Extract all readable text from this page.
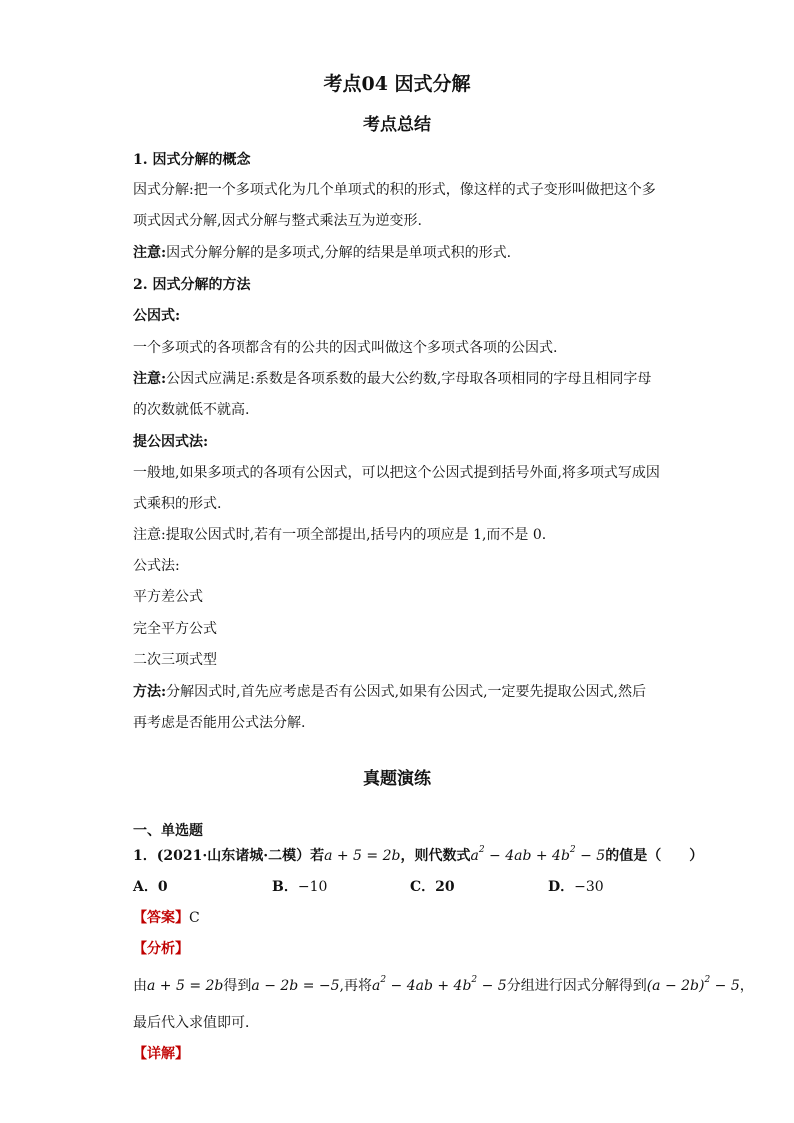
考点04 因式分解
考点总结
1. 因式分解的概念
因式分解:把一个多项式化为几个单项式的积的形式，像这样的式子变形叫做把这个多
项式因式分解,因式分解与整式乘法互为逆变形.
注意:因式分解分解的是多项式,分解的结果是单项式积的形式.
2. 因式分解的方法
公因式:
一个多项式的各项都含有的公共的因式叫做这个多项式各项的公因式.
注意:公因式应满足:系数是各项系数的最大公约数,字母取各项相同的字母且相同字母
的次数就低不就高.
提公因式法:
一般地,如果多项式的各项有公因式，可以把这个公因式提到括号外面,将多项式写成因
式乘积的形式.
注意:提取公因式时,若有一项全部提出,括号内的项应是 1,而不是 0.
公式法:
平方差公式
完全平方公式
二次三项式型
方法:分解因式时,首先应考虑是否有公因式,如果有公因式,一定要先提取公因式,然后
再考虑是否能用公式法分解.
真题演练
一、单选题
1．(2021·山东诸城·二模）若a + 5 = 2b，则代数式$a^2 - 4ab + 4b^2 - 5$的值是（　　）
A．0	B．−10	C．20	D．−30
【答案】C
【分析】
由a + 5 = 2b得到a − 2b = −5,再将$a^2 - 4ab + 4b^2 - 5$分组进行因式分解得到$(a - 2b)^2 - 5$，
最后代入求值即可．
【详解】
